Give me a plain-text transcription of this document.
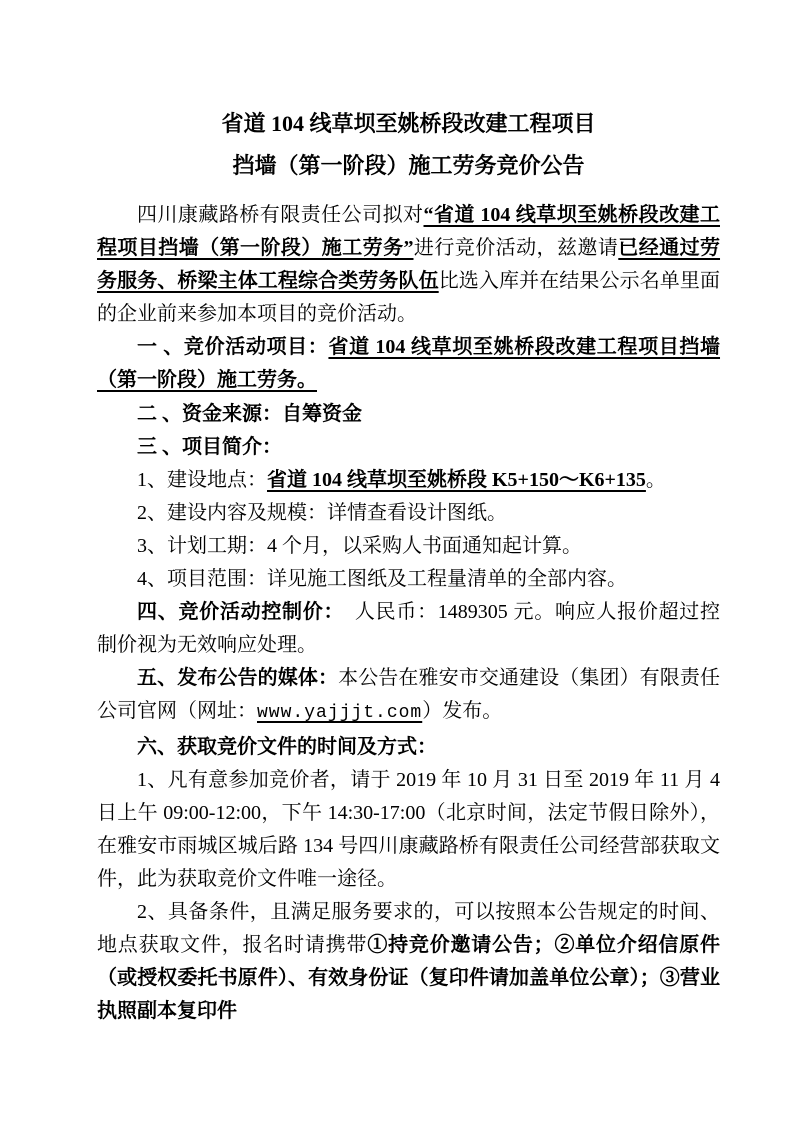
省道 104 线草坝至姚桥段改建工程项目
挡墙（第一阶段）施工劳务竞价公告

四川康藏路桥有限责任公司拟对“省道 104 线草坝至姚桥段改建工程项目挡墙（第一阶段）施工劳务”进行竞价活动，兹邀请已经通过劳务服务、桥梁主体工程综合类劳务队伍比选入库并在结果公示名单里面的企业前来参加本项目的竞价活动。

一 、竞价活动项目：省道 104 线草坝至姚桥段改建工程项目挡墙（第一阶段）施工劳务。

二 、资金来源：自筹资金

三 、项目简介：

1、建设地点：省道 104 线草坝至姚桥段 K5+150～K6+135。

2、建设内容及规模：详情查看设计图纸。

3、计划工期：4 个月，以采购人书面通知起计算。

4、项目范围：详见施工图纸及工程量清单的全部内容。

四、竞价活动控制价：　人民币：1489305 元。响应人报价超过控制价视为无效响应处理。

五、发布公告的媒体：本公告在雅安市交通建设（集团）有限责任公司官网（网址：www.yajjjt.com）发布。

六、获取竞价文件的时间及方式：

1、凡有意参加竞价者，请于 2019 年 10 月 31 日至 2019 年 11 月 4 日上午 09:00-12:00，下午 14:30-17:00（北京时间，法定节假日除外），在雅安市雨城区城后路 134 号四川康藏路桥有限责任公司经营部获取文件，此为获取竞价文件唯一途径。

2、具备条件，且满足服务要求的，可以按照本公告规定的时间、地点获取文件，报名时请携带①持竞价邀请公告；②单位介绍信原件（或授权委托书原件）、有效身份证（复印件请加盖单位公章）；③营业执照副本复印件
